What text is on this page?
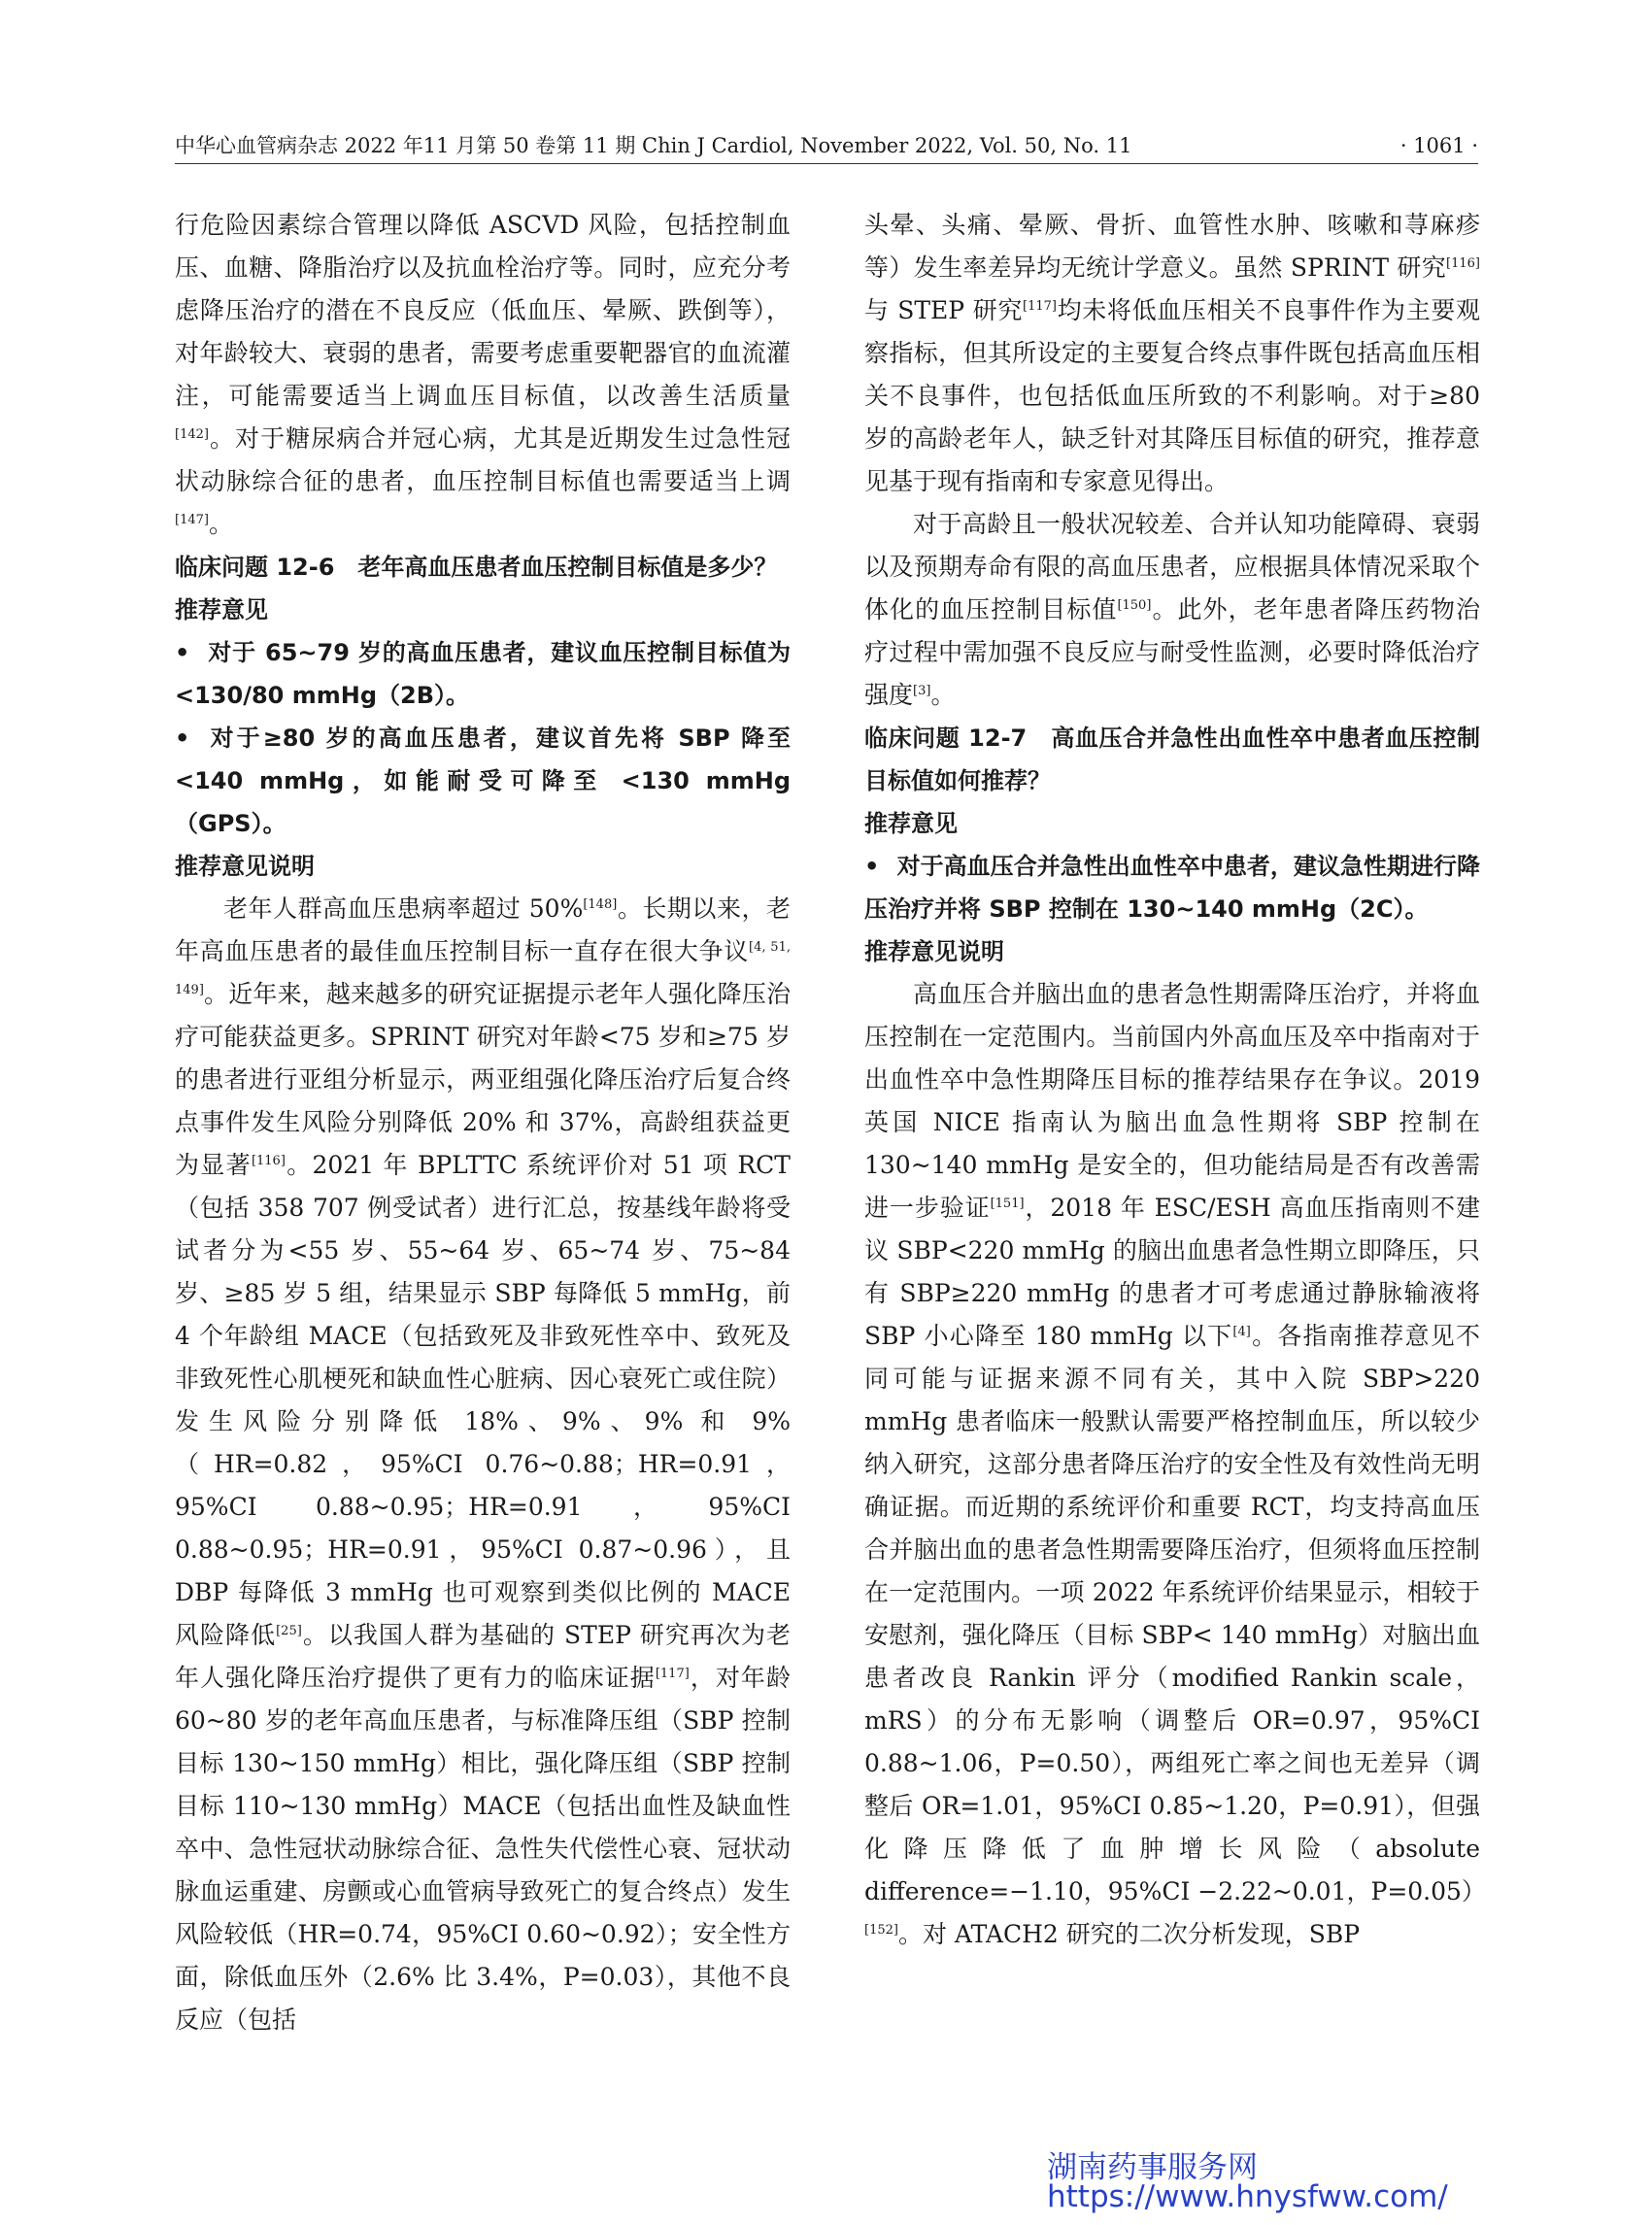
中华心血管病杂志 2022 年11 月第 50 卷第 11 期 Chin J Cardiol, November 2022, Vol. 50, No. 11	· 1061 ·

行危险因素综合管理以降低 ASCVD 风险，包括控制血压、血糖、降脂治疗以及抗血栓治疗等。同时，应充分考虑降压治疗的潜在不良反应（低血压、晕厥、跌倒等），对年龄较大、衰弱的患者，需要考虑重要靶器官的血流灌注，可能需要适当上调血压目标值，以改善生活质量[142]。对于糖尿病合并冠心病，尤其是近期发生过急性冠状动脉综合征的患者，血压控制目标值也需要适当上调[147]。

临床问题 12-6　老年高血压患者血压控制目标值是多少？

推荐意见

• 对于 65~79 岁的高血压患者，建议血压控制目标值为<130/80 mmHg（2B）。

• 对于≥80 岁的高血压患者，建议首先将 SBP 降至 <140 mmHg，如能耐受可降至 <130 mmHg（GPS）。

推荐意见说明

老年人群高血压患病率超过 50%[148]。长期以来，老年高血压患者的最佳血压控制目标一直存在很大争议[4, 51, 149]。近年来，越来越多的研究证据提示老年人强化降压治疗可能获益更多。SPRINT 研究对年龄<75 岁和≥75 岁的患者进行亚组分析显示，两亚组强化降压治疗后复合终点事件发生风险分别降低 20% 和 37%，高龄组获益更为显著[116]。2021 年 BPLTTC 系统评价对 51 项 RCT（包括 358 707 例受试者）进行汇总，按基线年龄将受试者分为<55 岁、55~64 岁、65~74 岁、75~84 岁、≥85 岁 5 组，结果显示 SBP 每降低 5 mmHg，前 4 个年龄组 MACE（包括致死及非致死性卒中、致死及非致死性心肌梗死和缺血性心脏病、因心衰死亡或住院）发生风险分别降低 18%、9%、9% 和 9%（HR=0.82，95%CI 0.76~0.88；HR=0.91，95%CI 0.88~0.95；HR=0.91，95%CI 0.88~0.95；HR=0.91，95%CI 0.87~0.96），且 DBP 每降低 3 mmHg 也可观察到类似比例的 MACE 风险降低[25]。以我国人群为基础的 STEP 研究再次为老年人强化降压治疗提供了更有力的临床证据[117]，对年龄 60~80 岁的老年高血压患者，与标准降压组（SBP 控制目标 130~150 mmHg）相比，强化降压组（SBP 控制目标 110~130 mmHg）MACE（包括出血性及缺血性卒中、急性冠状动脉综合征、急性失代偿性心衰、冠状动脉血运重建、房颤或心血管病导致死亡的复合终点）发生风险较低（HR=0.74，95%CI 0.60~0.92）；安全性方面，除低血压外（2.6% 比 3.4%，P=0.03），其他不良反应（包括

头晕、头痛、晕厥、骨折、血管性水肿、咳嗽和荨麻疹等）发生率差异均无统计学意义。虽然 SPRINT 研究[116]与 STEP 研究[117]均未将低血压相关不良事件作为主要观察指标，但其所设定的主要复合终点事件既包括高血压相关不良事件，也包括低血压所致的不利影响。对于≥80 岁的高龄老年人，缺乏针对其降压目标值的研究，推荐意见基于现有指南和专家意见得出。

对于高龄且一般状况较差、合并认知功能障碍、衰弱以及预期寿命有限的高血压患者，应根据具体情况采取个体化的血压控制目标值[150]。此外，老年患者降压药物治疗过程中需加强不良反应与耐受性监测，必要时降低治疗强度[3]。

临床问题 12-7　高血压合并急性出血性卒中患者血压控制目标值如何推荐？

推荐意见

• 对于高血压合并急性出血性卒中患者，建议急性期进行降压治疗并将 SBP 控制在 130~140 mmHg（2C）。

推荐意见说明

高血压合并脑出血的患者急性期需降压治疗，并将血压控制在一定范围内。当前国内外高血压及卒中指南对于出血性卒中急性期降压目标的推荐结果存在争议。2019 英国 NICE 指南认为脑出血急性期将 SBP 控制在 130~140 mmHg 是安全的，但功能结局是否有改善需进一步验证[151]，2018 年 ESC/ESH 高血压指南则不建议 SBP<220 mmHg 的脑出血患者急性期立即降压，只有 SBP≥220 mmHg 的患者才可考虑通过静脉输液将 SBP 小心降至 180 mmHg 以下[4]。各指南推荐意见不同可能与证据来源不同有关，其中入院 SBP>220 mmHg 患者临床一般默认需要严格控制血压，所以较少纳入研究，这部分患者降压治疗的安全性及有效性尚无明确证据。而近期的系统评价和重要 RCT，均支持高血压合并脑出血的患者急性期需要降压治疗，但须将血压控制在一定范围内。一项 2022 年系统评价结果显示，相较于安慰剂，强化降压（目标 SBP< 140 mmHg）对脑出血患者改良 Rankin 评分（modified Rankin scale，mRS）的分布无影响（调整后 OR=0.97，95%CI 0.88~1.06，P=0.50），两组死亡率之间也无差异（调整后 OR=1.01，95%CI 0.85~1.20，P=0.91），但强化降压降低了血肿增长风险（absolute difference=−1.10，95%CI −2.22~0.01，P=0.05）[152]。对 ATACH2 研究的二次分析发现，SBP

湖南药事服务网
https://www.hnysfww.com/
